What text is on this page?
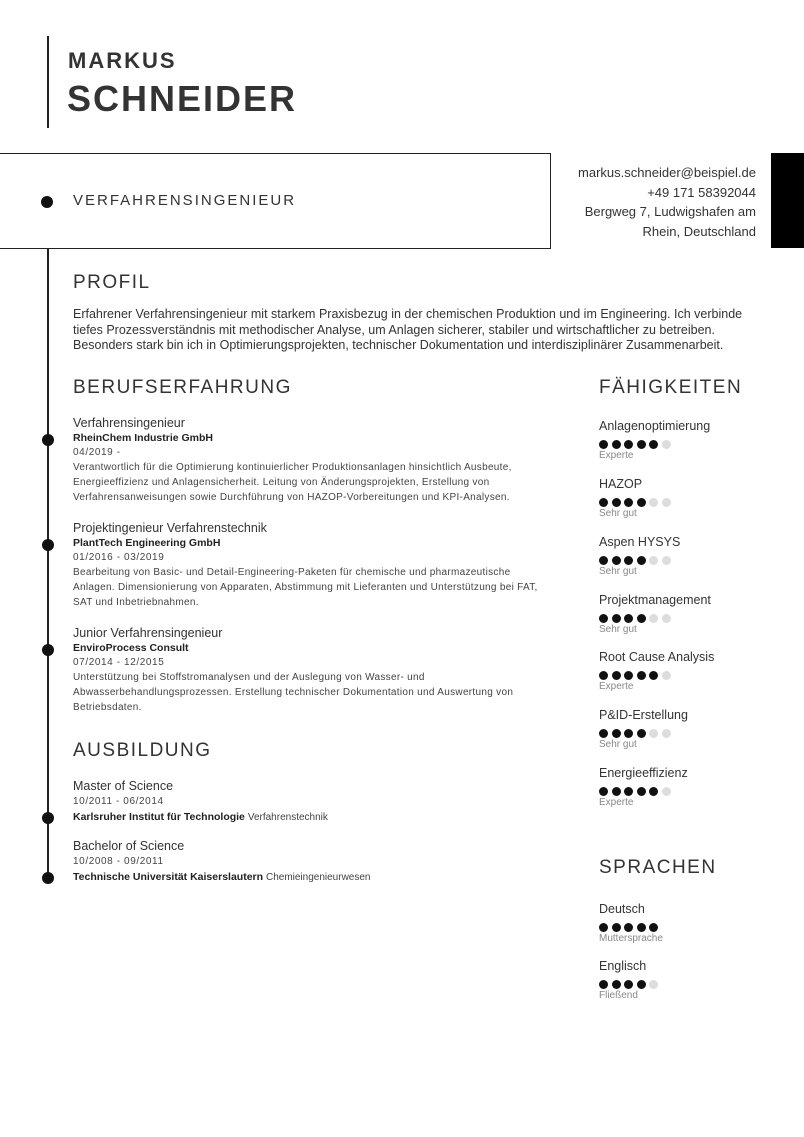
MARKUS
SCHNEIDER
VERFAHRENSINGENIEUR
markus.schneider@beispiel.de
+49 171 58392044
Bergweg 7, Ludwigshafen am
Rhein, Deutschland
PROFIL
Erfahrener Verfahrensingenieur mit starkem Praxisbezug in der chemischen Produktion und im Engineering. Ich verbinde tiefes Prozessverständnis mit methodischer Analyse, um Anlagen sicherer, stabiler und wirtschaftlicher zu betreiben. Besonders stark bin ich in Optimierungsprojekten, technischer Dokumentation und interdisziplinärer Zusammenarbeit.
BERUFSERFAHRUNG
Verfahrensingenieur
RheinChem Industrie GmbH
04/2019 -
Verantwortlich für die Optimierung kontinuierlicher Produktionsanlagen hinsichtlich Ausbeute, Energieeffizienz und Anlagensicherheit. Leitung von Änderungsprojekten, Erstellung von Verfahrensanweisungen sowie Durchführung von HAZOP-Vorbereitungen und KPI-Analysen.
Projektingenieur Verfahrenstechnik
PlantTech Engineering GmbH
01/2016 - 03/2019
Bearbeitung von Basic- und Detail-Engineering-Paketen für chemische und pharmazeutische Anlagen. Dimensionierung von Apparaten, Abstimmung mit Lieferanten und Unterstützung bei FAT, SAT und Inbetriebnahmen.
Junior Verfahrensingenieur
EnviroProcess Consult
07/2014 - 12/2015
Unterstützung bei Stoffstromanalysen und der Auslegung von Wasser- und Abwasserbehandlungsprozessen. Erstellung technischer Dokumentation und Auswertung von Betriebsdaten.
AUSBILDUNG
Master of Science
10/2011 - 06/2014
Karlsruher Institut für Technologie Verfahrenstechnik
Bachelor of Science
10/2008 - 09/2011
Technische Universität Kaiserslautern Chemieingenieurwesen
FÄHIGKEITEN
Anlagenoptimierung
Experte
HAZOP
Sehr gut
Aspen HYSYS
Sehr gut
Projektmanagement
Sehr gut
Root Cause Analysis
Experte
P&ID-Erstellung
Sehr gut
Energieeffizienz
Experte
SPRACHEN
Deutsch
Muttersprache
Englisch
Fließend
